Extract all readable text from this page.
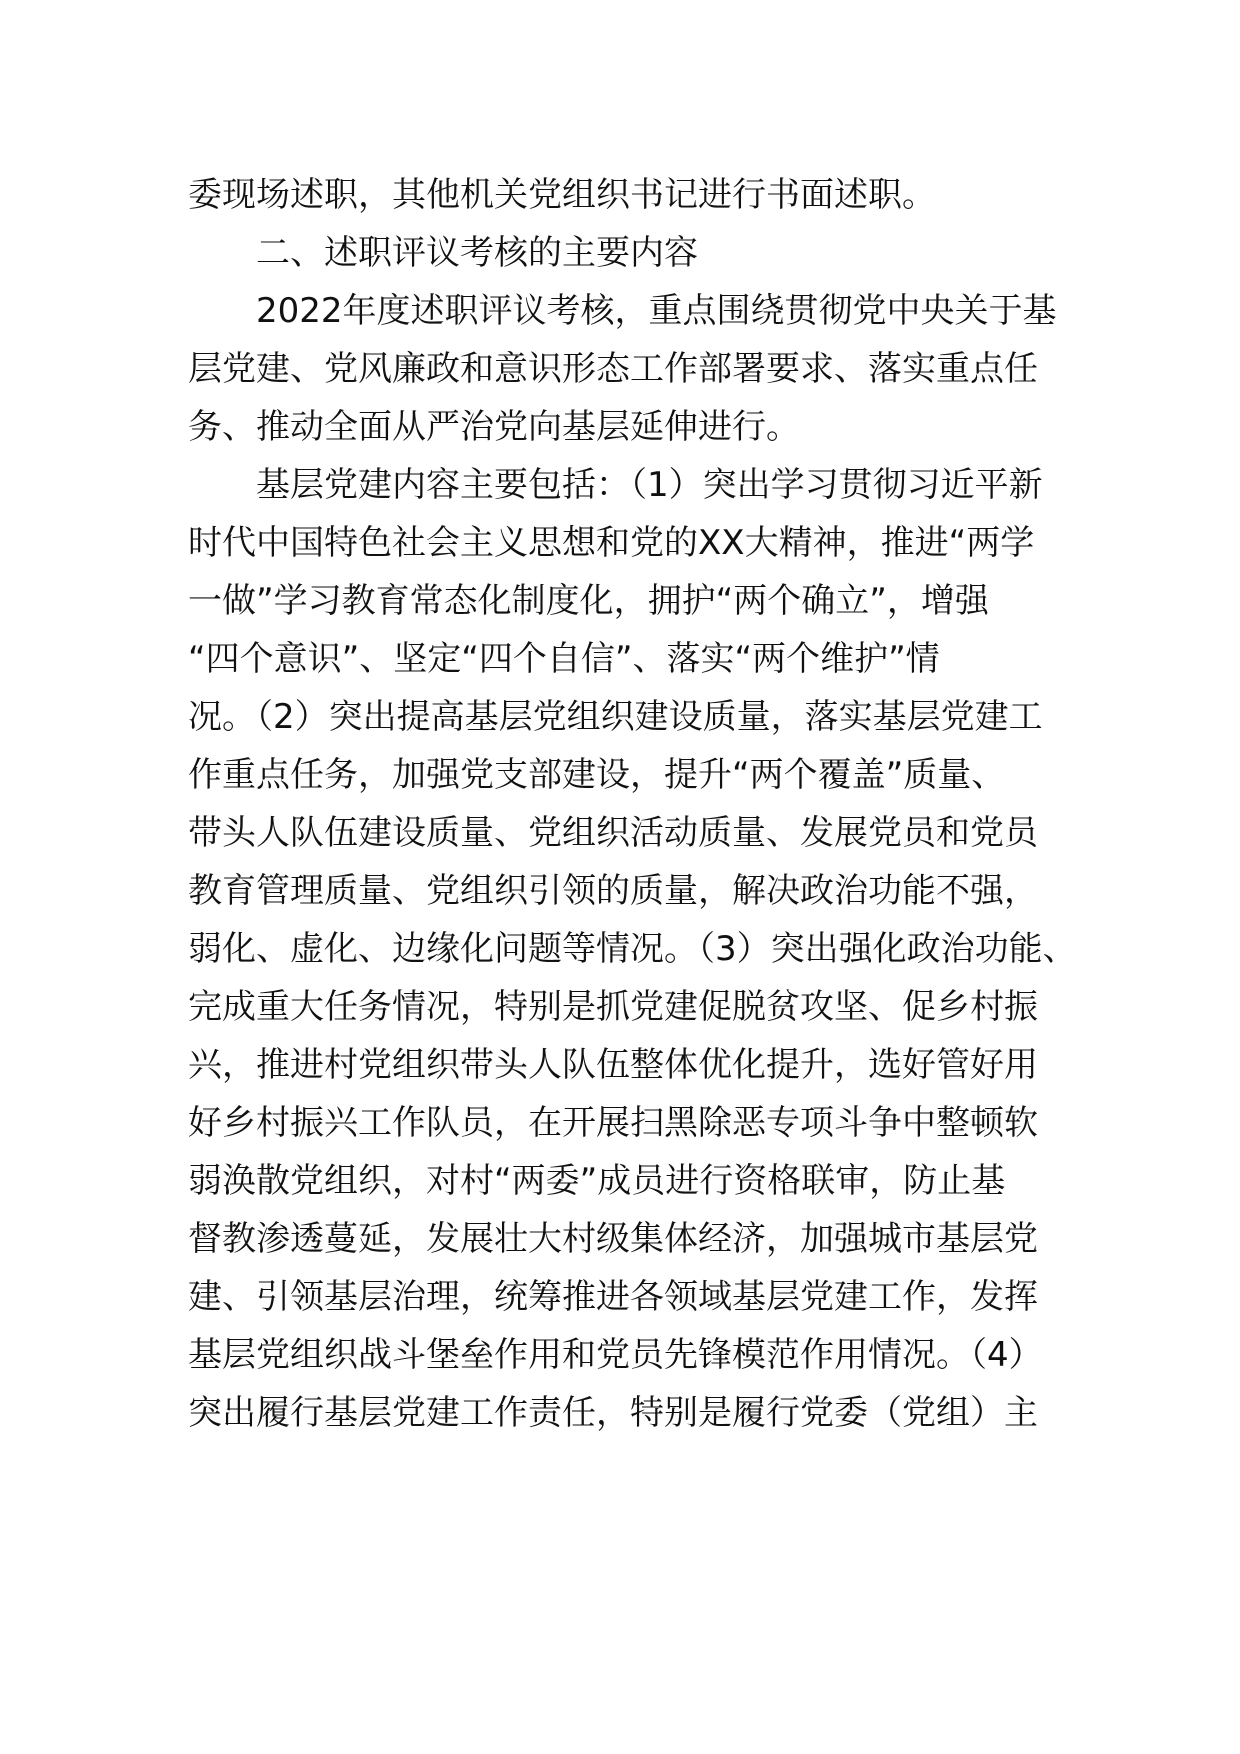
委现场述职，其他机关党组织书记进行书面述职。
二、述职评议考核的主要内容
2022年度述职评议考核，重点围绕贯彻党中央关于基
层党建、党风廉政和意识形态工作部署要求、落实重点任
务、推动全面从严治党向基层延伸进行。
基层党建内容主要包括：（1）突出学习贯彻习近平新
时代中国特色社会主义思想和党的XX大精神，推进“两学
一做”学习教育常态化制度化，拥护“两个确立”，增强
“四个意识”、坚定“四个自信”、落实“两个维护”情
况。（2）突出提高基层党组织建设质量，落实基层党建工
作重点任务，加强党支部建设，提升“两个覆盖”质量、
带头人队伍建设质量、党组织活动质量、发展党员和党员
教育管理质量、党组织引领的质量，解决政治功能不强，
弱化、虚化、边缘化问题等情况。（3）突出强化政治功能、
完成重大任务情况，特别是抓党建促脱贫攻坚、促乡村振
兴，推进村党组织带头人队伍整体优化提升，选好管好用
好乡村振兴工作队员，在开展扫黑除恶专项斗争中整顿软
弱涣散党组织，对村“两委”成员进行资格联审，防止基
督教渗透蔓延，发展壮大村级集体经济，加强城市基层党
建、引领基层治理，统筹推进各领域基层党建工作，发挥
基层党组织战斗堡垒作用和党员先锋模范作用情况。（4）
突出履行基层党建工作责任，特别是履行党委（党组）主
